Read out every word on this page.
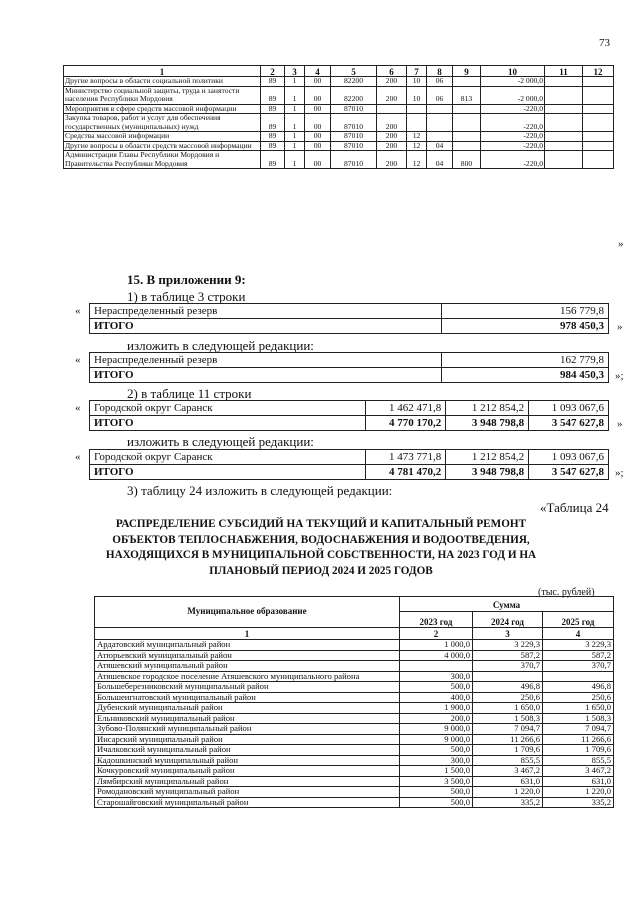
73
1	2	3	4	5	6	7	8	9	10	11	12
Другие вопросы в области социальной политики	89	1	00	82200	200	10	06		-2 000,0		
Министерство социальной защиты, труда и занятости населения Республики Мордовия	89	1	00	82200	200	10	06	813	-2 000,0		
Мероприятия в сфере средств массовой информации	89	1	00	87010					-220,0		
Закупка товаров, работ и услуг для обеспечения государственных (муниципальных) нужд	89	1	00	87010	200				-220,0		
Средства массовой информации	89	1	00	87010	200	12			-220,0		
Другие вопросы в области средств массовой информации	89	1	00	87010	200	12	04		-220,0		
Администрация Главы Республики Мордовия и Правительства Республики Мордовия	89	1	00	87010	200	12	04	800	-220,0		
»
15. В приложении 9:
1) в таблице 3 строки
« Нераспределенный резерв	156 779,8
ИТОГО	978 450,3 »
изложить в следующей редакции:
« Нераспределенный резерв	162 779,8
ИТОГО	984 450,3 »;
2) в таблице 11 строки
« Городской округ Саранск	1 462 471,8	1 212 854,2	1 093 067,6
ИТОГО	4 770 170,2	3 948 798,8	3 547 627,8 »
изложить в следующей редакции:
« Городской округ Саранск	1 473 771,8	1 212 854,2	1 093 067,6
ИТОГО	4 781 470,2	3 948 798,8	3 547 627,8 »;
3) таблицу 24 изложить в следующей редакции:
«Таблица 24
РАСПРЕДЕЛЕНИЕ СУБСИДИЙ НА ТЕКУЩИЙ И КАПИТАЛЬНЫЙ РЕМОНТ ОБЪЕКТОВ ТЕПЛОСНАБЖЕНИЯ, ВОДОСНАБЖЕНИЯ И ВОДООТВЕДЕНИЯ, НАХОДЯЩИХСЯ В МУНИЦИПАЛЬНОЙ СОБСТВЕННОСТИ, НА 2023 ГОД И НА ПЛАНОВЫЙ ПЕРИОД 2024 И 2025 ГОДОВ
(тыс. рублей)
Муниципальное образование	Сумма		
	2023 год	2024 год	2025 год
1	2	3	4
Ардатовский муниципальный район	1 000,0	3 229,3	3 229,3
Атюрьевский муниципальный район	4 000,0	587,2	587,2
Атяшевский муниципальный район		370,7	370,7
Атяшевское городское поселение Атяшевского муниципального района	300,0		
Большеберезниковский муниципальный район	500,0	496,8	496,8
Большеигнатовский муниципальный район	400,0	250,6	250,6
Дубенский муниципальный район	1 900,0	1 650,0	1 650,0
Ельниковский муниципальный район	200,0	1 508,3	1 508,3
Зубово-Полянский муниципальный район	9 000,0	7 094,7	7 094,7
Инсарский муниципальный район	9 000,0	11 266,6	11 266,6
Ичалковский муниципальный район	500,0	1 709,6	1 709,6
Кадошкинский муниципальный район	300,0	855,5	855,5
Кочкуровский муниципальный район	1 500,0	3 467,2	3 467,2
Лямбирский муниципальный район	3 500,0	631,0	631,0
Ромодановский муниципальный район	500,0	1 220,0	1 220,0
Старошайговский муниципальный район	500,0	335,2	335,2
